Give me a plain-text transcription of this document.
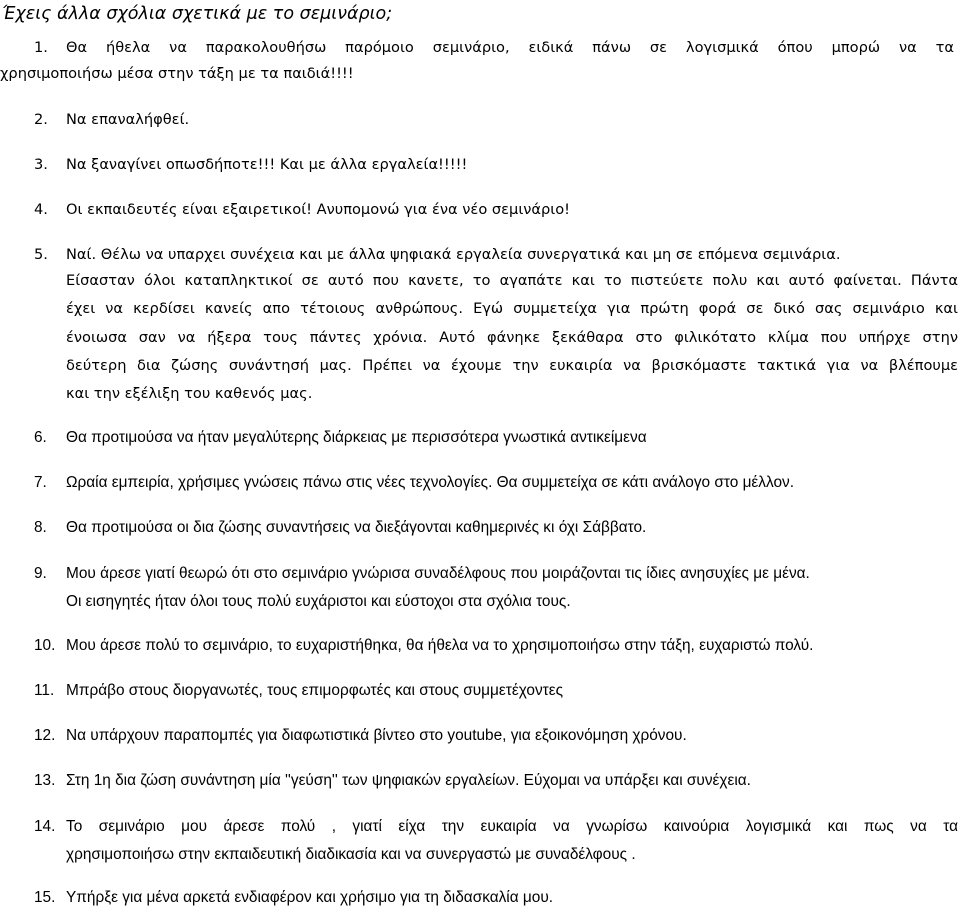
Έχεις άλλα σχόλια σχετικά με το σεμινάριο;
1. Θα ήθελα να παρακολουθήσω παρόμοιο σεμινάριο, ειδικά πάνω σε λογισμικά όπου μπορώ να τα
χρησιμοποιήσω μέσα στην τάξη με τα παιδιά!!!!
2. Να επαναλήφθεί.
3. Να ξαναγίνει οπωσδήποτε!!! Και με άλλα εργαλεία!!!!!
4. Οι εκπαιδευτές είναι εξαιρετικοί! Ανυπομονώ για ένα νέο σεμινάριο!
5. Ναί. Θέλω να υπαρχει συνέχεια και με άλλα ψηφιακά εργαλεία συνεργατικά και μη σε επόμενα σεμινάρια.
Είσασταν όλοι καταπληκτικοί σε αυτό που κανετε, το αγαπάτε και το πιστεύετε πολυ και αυτό φαίνεται. Πάντα
έχει να κερδίσει κανείς απο τέτοιους ανθρώπους. Εγώ συμμετείχα για πρώτη φορά σε δικό σας σεμινάριο και
ένοιωσα σαν να ήξερα τους πάντες χρόνια. Αυτό φάνηκε ξεκάθαρα στο φιλικότατο κλίμα που υπήρχε στην
δεύτερη δια ζώσης συνάντησή μας. Πρέπει να έχουμε την ευκαιρία να βρισκόμαστε τακτικά για να βλέπουμε
και την εξέλιξη του καθενός μας.
6. Θα προτιμούσα να ήταν μεγαλύτερης διάρκειας με περισσότερα γνωστικά αντικείμενα
7. Ωραία εμπειρία, χρήσιμες γνώσεις πάνω στις νέες τεχνολογίες. Θα συμμετείχα σε κάτι ανάλογο στο μέλλον.
8. Θα προτιμούσα οι δια ζώσης συναντήσεις να διεξάγονται καθημερινές κι όχι Σάββατο.
9. Μου άρεσε γιατί θεωρώ ότι στο σεμινάριο γνώρισα συναδέλφους που μοιράζονται τις ίδιες ανησυχίες με μένα.
Οι εισηγητές ήταν όλοι τους πολύ ευχάριστοι και εύστοχοι στα σχόλια τους.
10. Μου άρεσε πολύ το σεμινάριο, το ευχαριστήθηκα, θα ήθελα να το χρησιμοποιήσω στην τάξη, ευχαριστώ πολύ.
11. Μπράβο στους διοργανωτές, τους επιμορφωτές και στους συμμετέχοντες
12. Να υπάρχουν παραπομπές για διαφωτιστικά βίντεο στο youtube, για εξοικονόμηση χρόνου.
13. Στη 1η δια ζώση συνάντηση μία ''γεύση'' των ψηφιακών εργαλείων. Εύχομαι να υπάρξει και συνέχεια.
14. Το σεμινάριο μου άρεσε πολύ , γιατί είχα την ευκαιρία να γνωρίσω καινούρια λογισμικά και πως να τα
χρησιμοποιήσω στην εκπαιδευτική διαδικασία και να συνεργαστώ με συναδέλφους .
15. Υπήρξε για μένα αρκετά ενδιαφέρον και χρήσιμο για τη διδασκαλία μου.
